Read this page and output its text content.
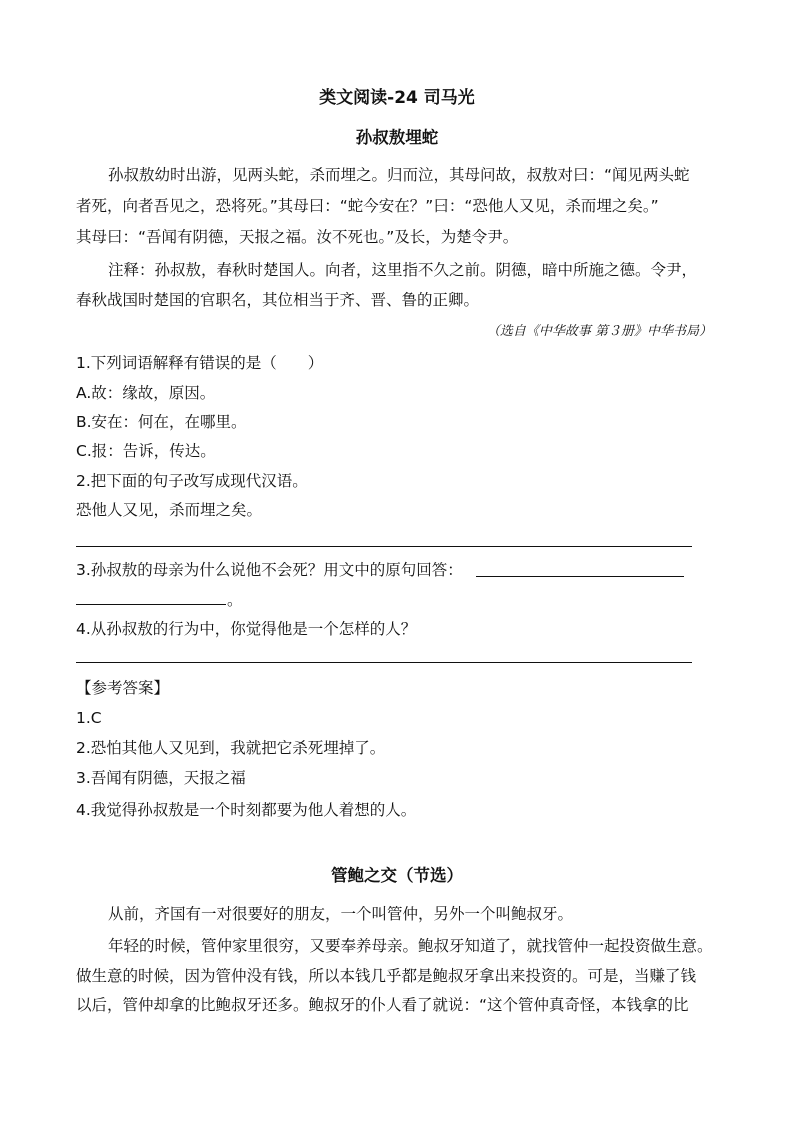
类文阅读-24 司马光
孙叔敖埋蛇
孙叔敖幼时出游，见两头蛇，杀而埋之。归而泣，其母问故，叔敖对曰：“闻见两头蛇
者死，向者吾见之，恐将死。”其母曰：“蛇今安在？”曰：“恐他人又见，杀而埋之矣。”
其母曰：“吾闻有阴德，天报之福。汝不死也。”及长，为楚令尹。
注释：孙叔敖，春秋时楚国人。向者，这里指不久之前。阴德，暗中所施之德。令尹，
春秋战国时楚国的官职名，其位相当于齐、晋、鲁的正卿。
（选自《中华故事 第３册》中华书局）
1.下列词语解释有错误的是（　　）
A.故：缘故，原因。
B.安在：何在，在哪里。
C.报：告诉，传达。
2.把下面的句子改写成现代汉语。
恐他人又见，杀而埋之矣。
3.孙叔敖的母亲为什么说他不会死？用文中的原句回答：
。
4.从孙叔敖的行为中，你觉得他是一个怎样的人？
【参考答案】
1.C
2.恐怕其他人又见到，我就把它杀死埋掉了。
3.吾闻有阴德，天报之福
4.我觉得孙叔敖是一个时刻都要为他人着想的人。
管鲍之交（节选）
从前，齐国有一对很要好的朋友，一个叫管仲，另外一个叫鲍叔牙。
年轻的时候，管仲家里很穷，又要奉养母亲。鲍叔牙知道了，就找管仲一起投资做生意。
做生意的时候，因为管仲没有钱，所以本钱几乎都是鲍叔牙拿出来投资的。可是，当赚了钱
以后，管仲却拿的比鲍叔牙还多。鲍叔牙的仆人看了就说：“这个管仲真奇怪，本钱拿的比
